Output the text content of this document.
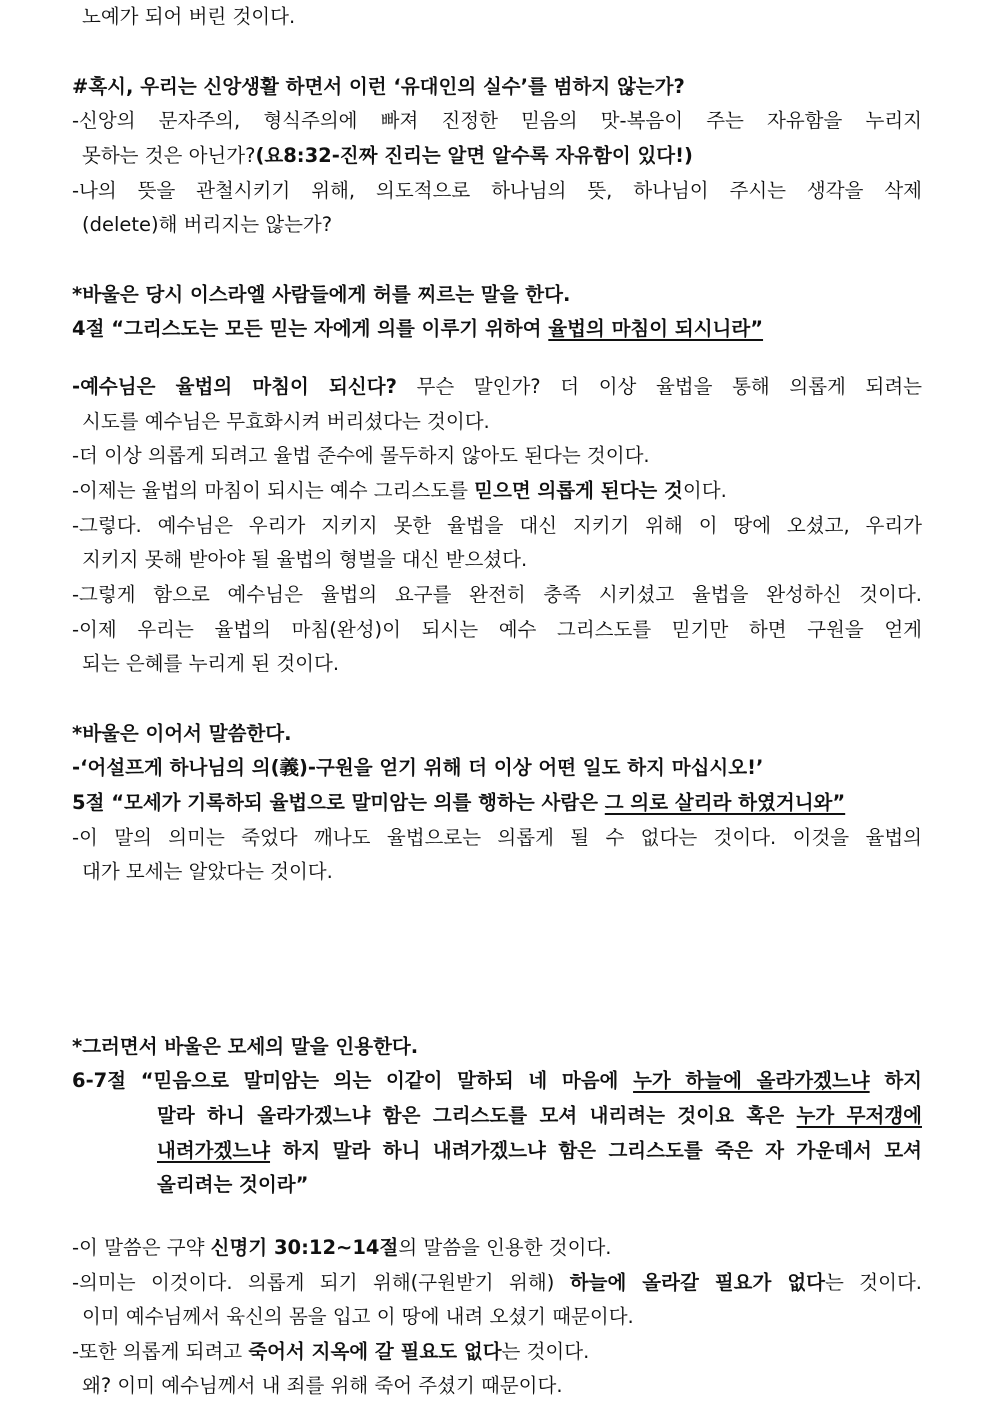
노예가 되어 버린 것이다.
#혹시, 우리는 신앙생활 하면서 이런 ‘유대인의 실수’를 범하지 않는가?
-신앙의 문자주의, 형식주의에 빠져 진정한 믿음의 맛-복음이 주는 자유함을 누리지
못하는 것은 아닌가?(요8:32-진짜 진리는 알면 알수록 자유함이 있다!)
-나의 뜻을 관철시키기 위해, 의도적으로 하나님의 뜻, 하나님이 주시는 생각을 삭제
(delete)해 버리지는 않는가?
*바울은 당시 이스라엘 사람들에게 허를 찌르는 말을 한다.
4절 “그리스도는 모든 믿는 자에게 의를 이루기 위하여 율법의 마침이 되시니라”
-예수님은 율법의 마침이 되신다? 무슨 말인가? 더 이상 율법을 통해 의롭게 되려는
시도를 예수님은 무효화시켜 버리셨다는 것이다.
-더 이상 의롭게 되려고 율법 준수에 몰두하지 않아도 된다는 것이다.
-이제는 율법의 마침이 되시는 예수 그리스도를 믿으면 의롭게 된다는 것이다.
-그렇다. 예수님은 우리가 지키지 못한 율법을 대신 지키기 위해 이 땅에 오셨고, 우리가
지키지 못해 받아야 될 율법의 형벌을 대신 받으셨다.
-그렇게 함으로 예수님은 율법의 요구를 완전히 충족 시키셨고 율법을 완성하신 것이다.
-이제 우리는 율법의 마침(완성)이 되시는 예수 그리스도를 믿기만 하면 구원을 얻게
되는 은혜를 누리게 된 것이다.
*바울은 이어서 말씀한다.
-‘어설프게 하나님의 의(義)-구원을 얻기 위해 더 이상 어떤 일도 하지 마십시오!’
5절 “모세가 기록하되 율법으로 말미암는 의를 행하는 사람은 그 의로 살리라 하였거니와”
-이 말의 의미는 죽었다 깨나도 율법으로는 의롭게 될 수 없다는 것이다. 이것을 율법의
대가 모세는 알았다는 것이다.
*그러면서 바울은 모세의 말을 인용한다.
6-7절 “믿음으로 말미암는 의는 이같이 말하되 네 마음에 누가 하늘에 올라가겠느냐 하지
말라 하니 올라가겠느냐 함은 그리스도를 모셔 내리려는 것이요 혹은 누가 무저갱에
내려가겠느냐 하지 말라 하니 내려가겠느냐 함은 그리스도를 죽은 자 가운데서 모셔
올리려는 것이라”
-이 말씀은 구약 신명기 30:12~14절의 말씀을 인용한 것이다.
-의미는 이것이다. 의롭게 되기 위해(구원받기 위해) 하늘에 올라갈 필요가 없다는 것이다.
이미 예수님께서 육신의 몸을 입고 이 땅에 내려 오셨기 때문이다.
-또한 의롭게 되려고 죽어서 지옥에 갈 필요도 없다는 것이다.
왜? 이미 예수님께서 내 죄를 위해 죽어 주셨기 때문이다.
